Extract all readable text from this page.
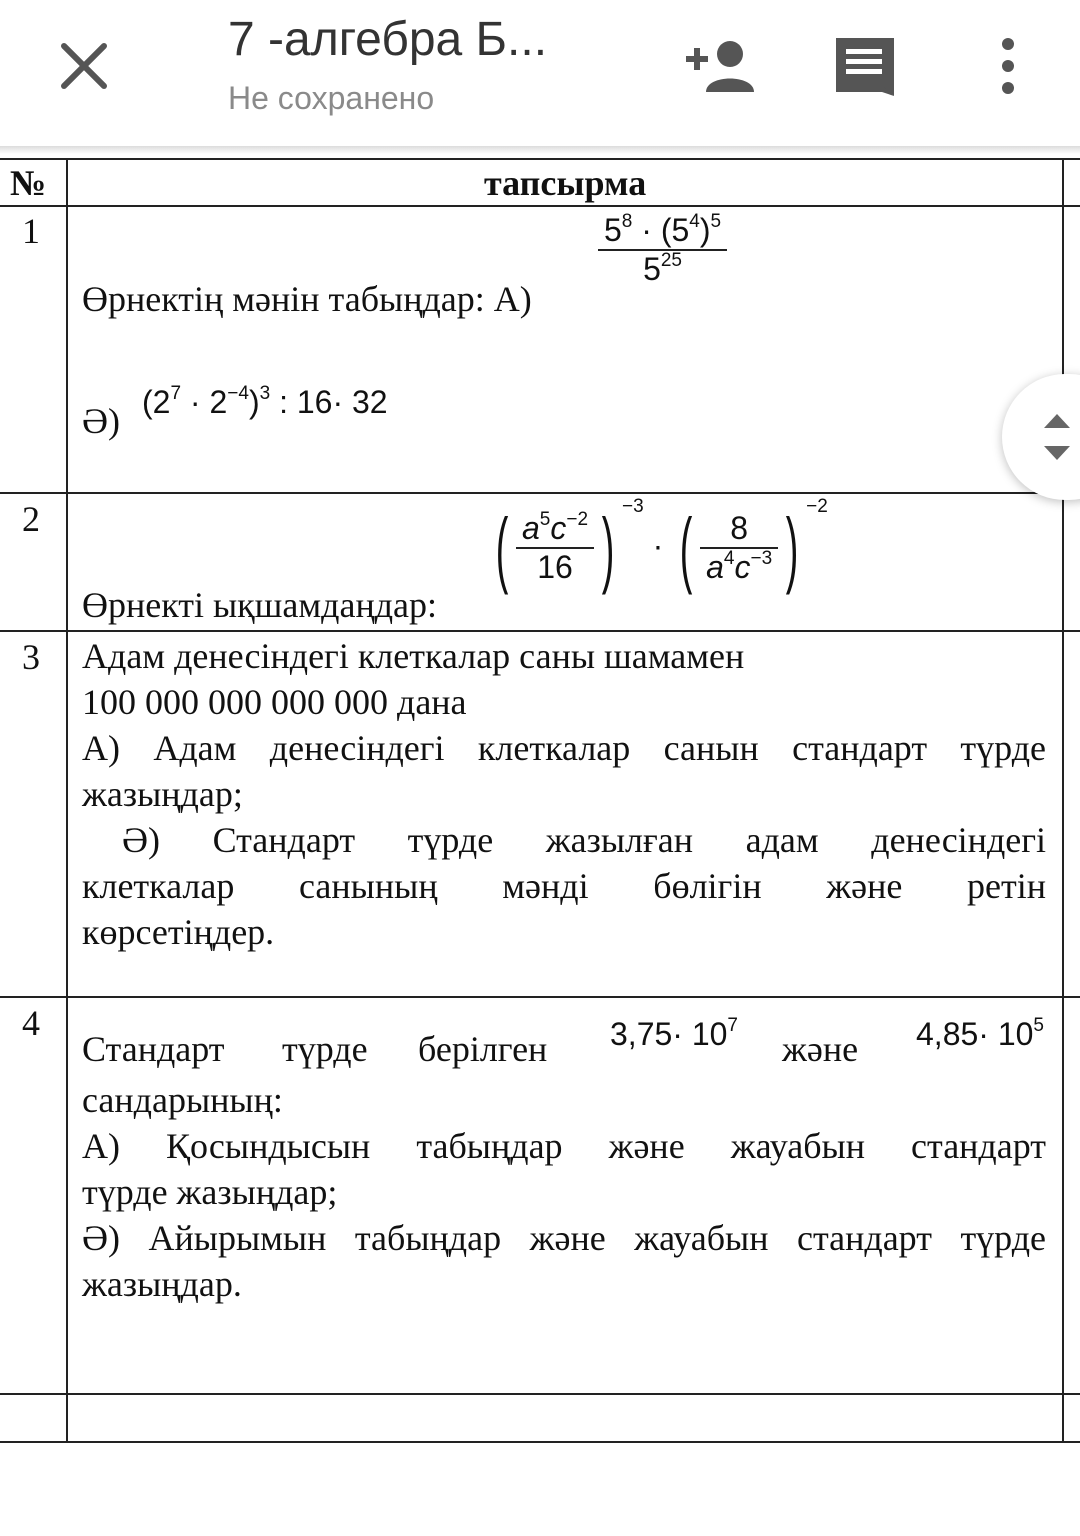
7 -алгебра Б...
Не сохранено
№	тапсырма
1
Өрнектің мәнін табыңдар: А)
$\frac{5^8 \cdot (5^4)^5}{5^{25}}$
Ә) $(2^7 \cdot 2^{-4})^3$ : 16· 32
2
Өрнекті ықшамдаңдар:
( $\frac{a^5c^{-2}}{16}$ ) $^{-3}$ · ( $\frac{8}{a^4c^{-3}}$ ) $^{-2}$
3 Адам денесіндегі клеткалар саны шамамен
100 000 000 000 000 дана
А) Адам денесіндегі клеткалар санын стандарт түрде
жазыңдар;
Ә) Стандарт түрде жазылған адам денесіндегі
клеткалар санының мәнді бөлігін және ретін
көрсетіңдер.
4
Стандарт түрде берілген $3,75\cdot 10^7$
және $4,85\cdot 10^5$
сандарының:
А) Қосындысын табыңдар және жауабын стандарт
түрде жазыңдар;
Ә) Айырымын табыңдар және жауабын стандарт түрде
жазыңдар.
